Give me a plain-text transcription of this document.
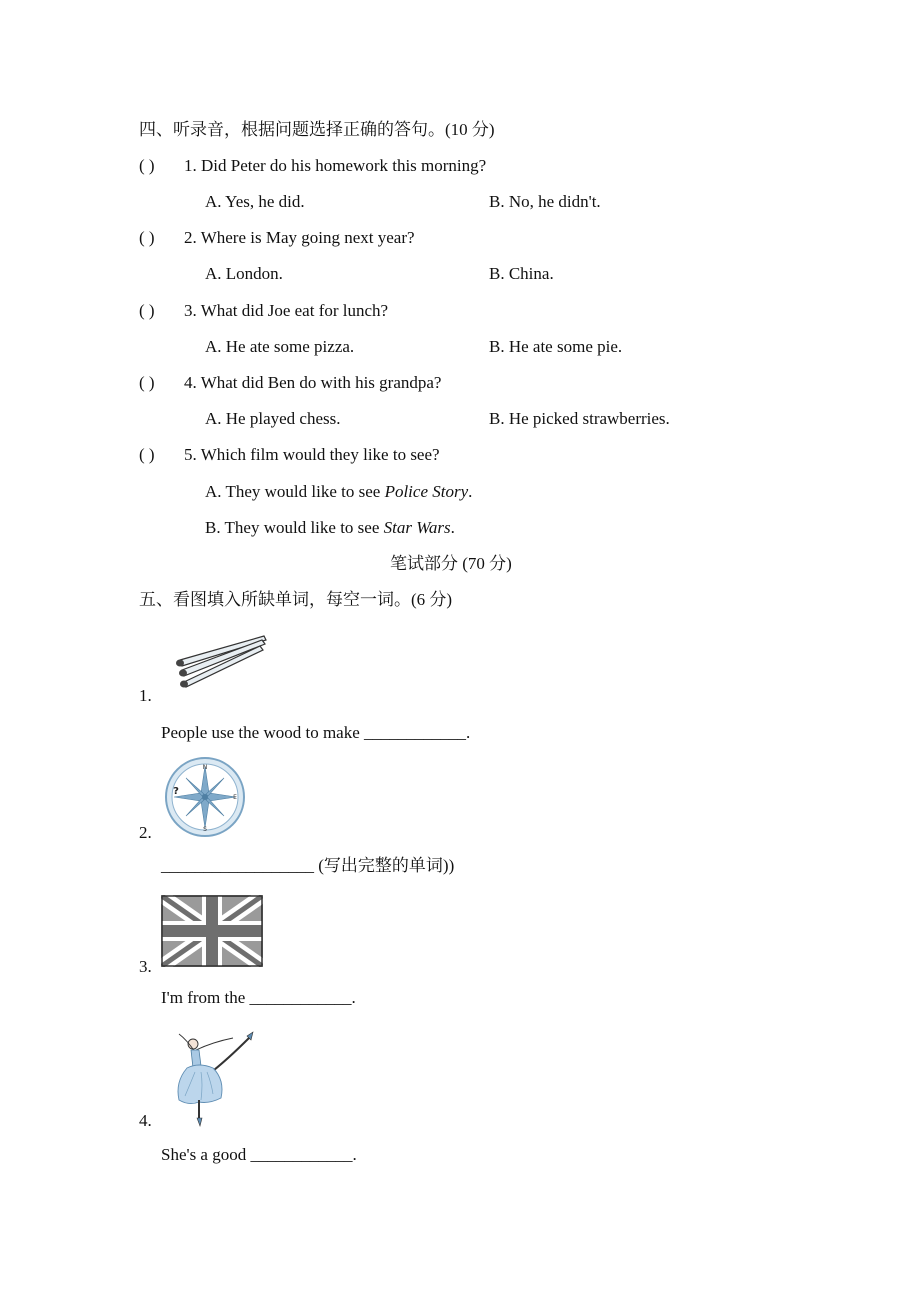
四、听录音，根据问题选择正确的答句。(10 分)
( ) 1. Did Peter do his homework this morning?
A. Yes, he did.	B. No, he didn't.
( ) 2. Where is May going next year?
A. London.	B. China.
( ) 3. What did Joe eat for lunch?
A. He ate some pizza.	B. He ate some pie.
( ) 4. What did Ben do with his grandpa?
A. He played chess.	B. He picked strawberries.
( ) 5. Which film would they like to see?
A. They would like to see Police Story.
B. They would like to see Star Wars.
笔试部分 (70 分)
五、看图填入所缺单词，每空一词。(6 分)
1.
People use the wood to make ____________.
N
S
E
?
2.
__________________ (写出完整的单词))
3.
I'm from the ____________.
4.
She's a good ____________.
